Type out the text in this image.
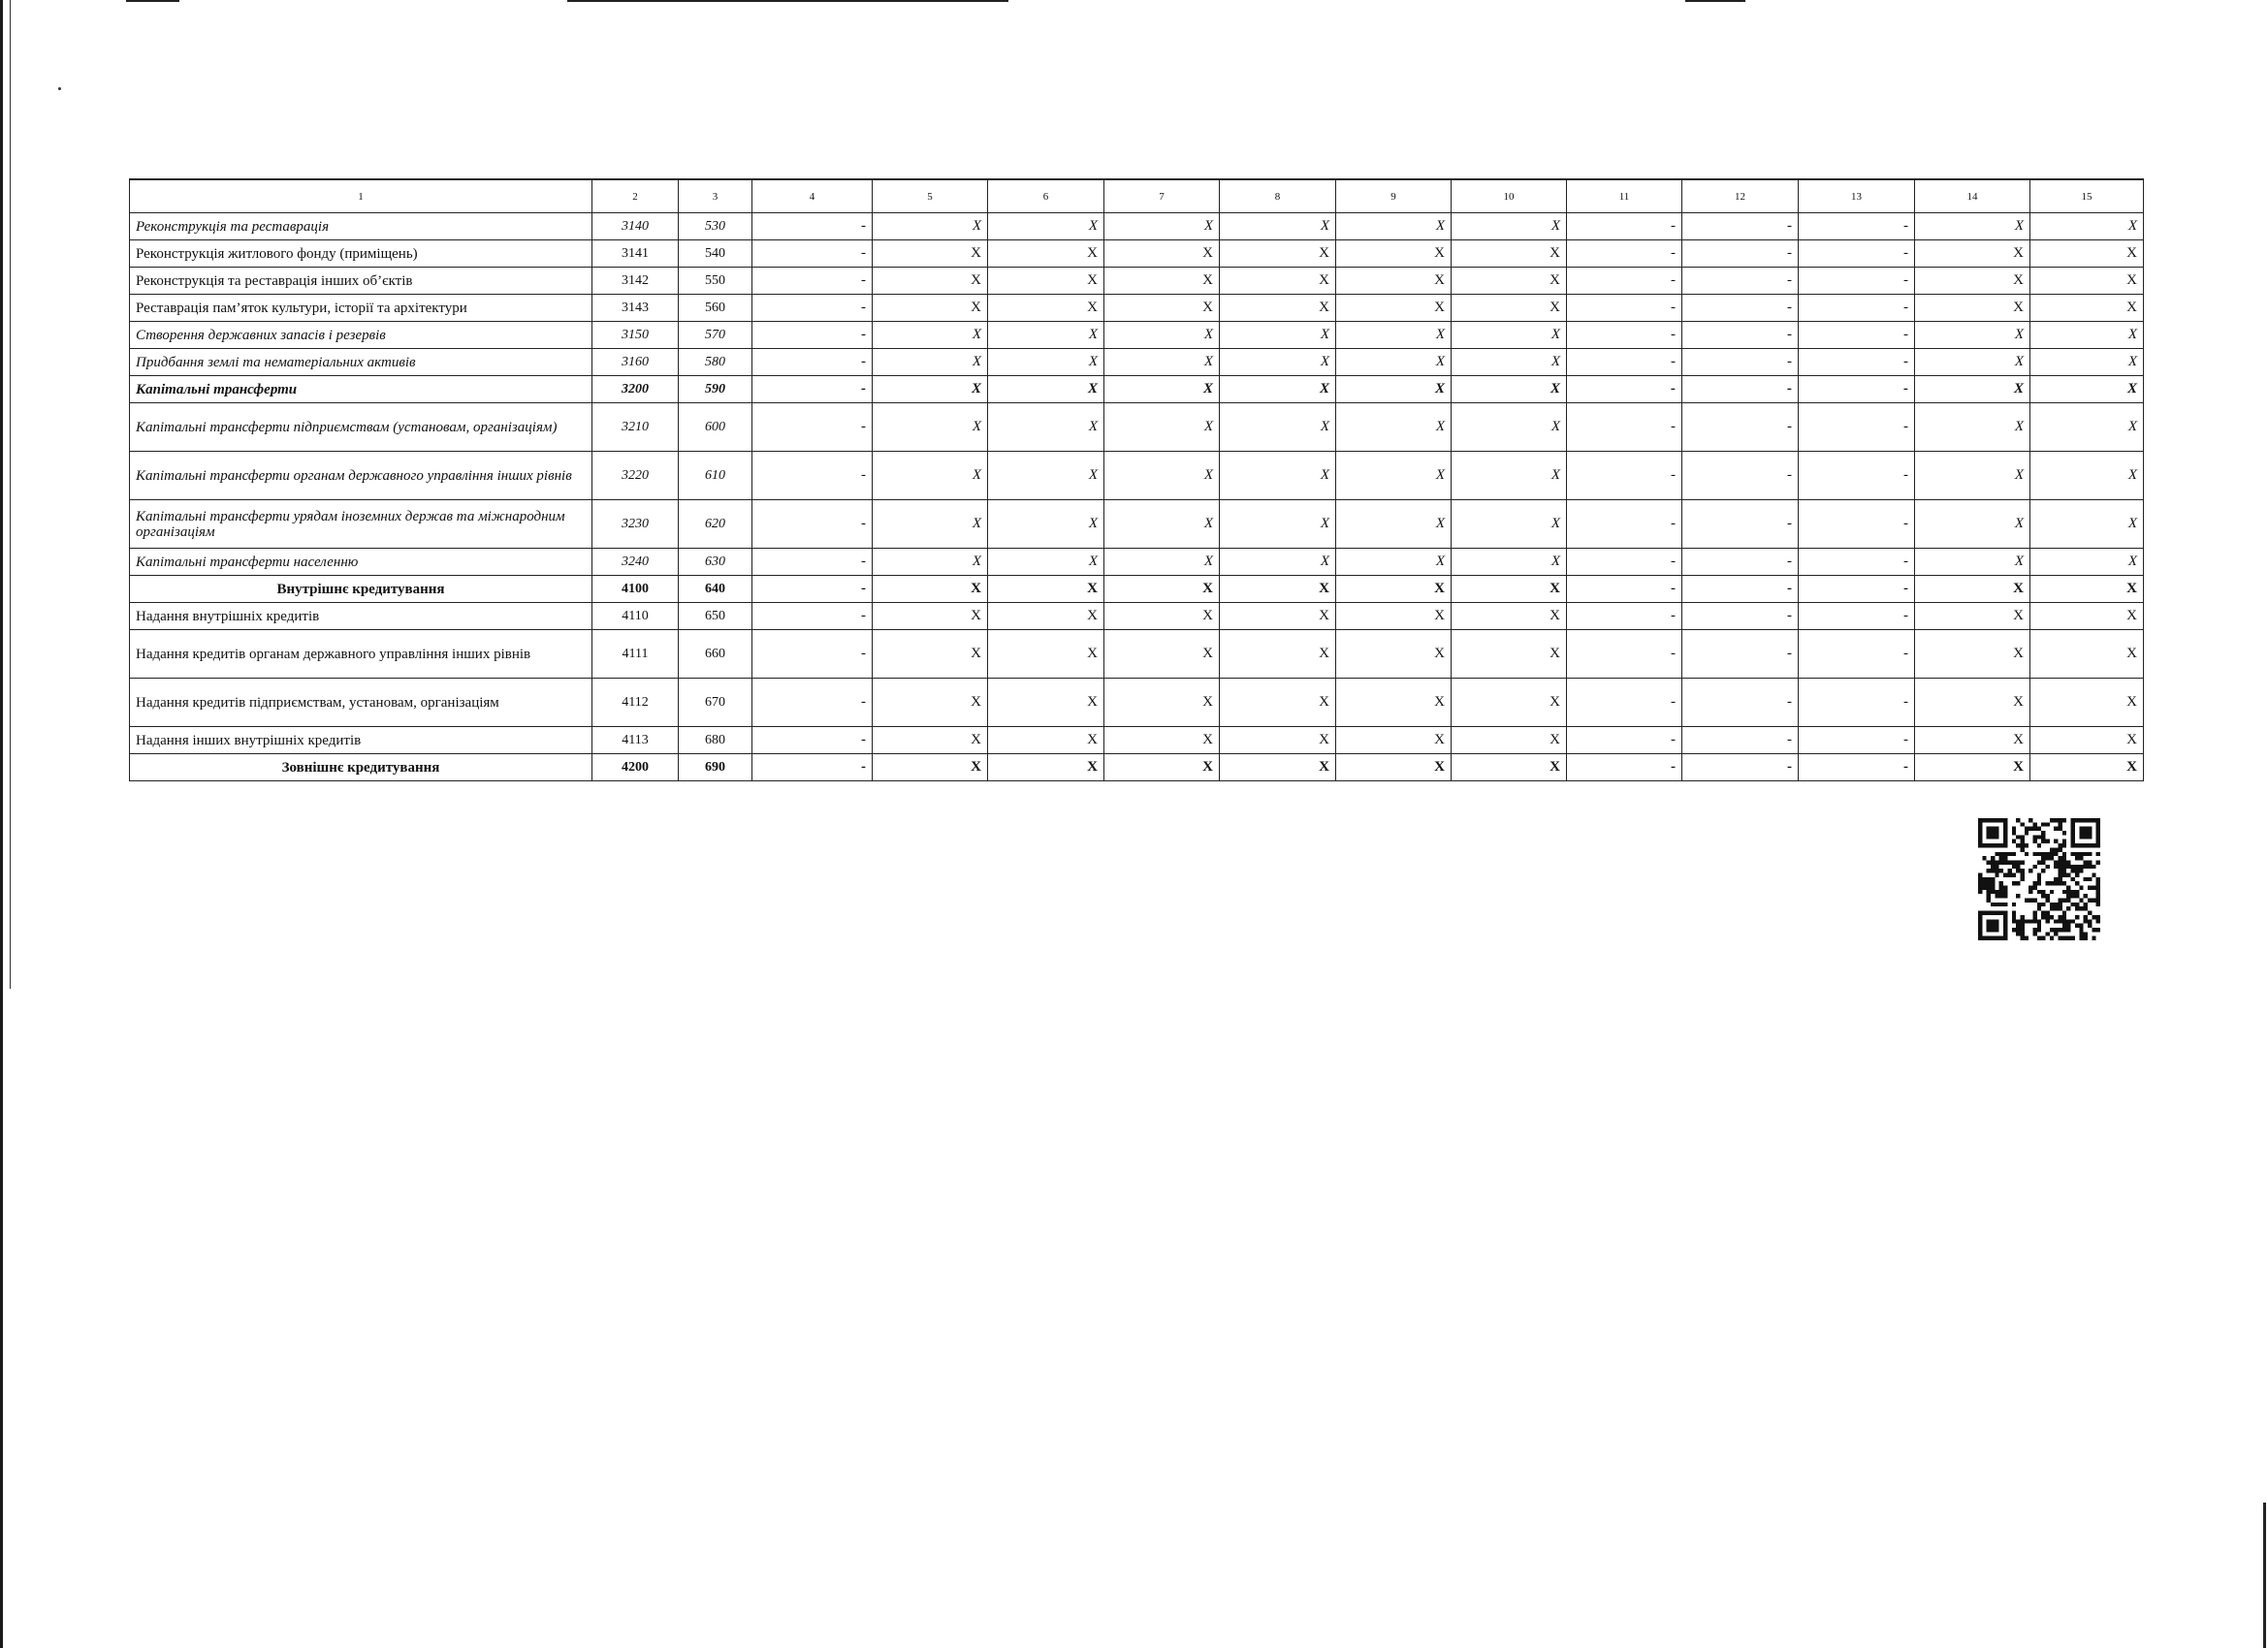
1	2	3	4	5	6	7	8	9	10	11	12	13	14	15
Реконструкція та реставрація	3140	530	-	X	X	X	X	X	X	-	-	-	X	X
Реконструкція житлового фонду (приміщень)	3141	540	-	X	X	X	X	X	X	-	-	-	X	X
Реконструкція та реставрація інших об’єктів	3142	550	-	X	X	X	X	X	X	-	-	-	X	X
Реставрація пам’яток культури, історії та архітектури	3143	560	-	X	X	X	X	X	X	-	-	-	X	X
Створення державних запасів і резервів	3150	570	-	X	X	X	X	X	X	-	-	-	X	X
Придбання землі та нематеріальних активів	3160	580	-	X	X	X	X	X	X	-	-	-	X	X
Капітальні трансферти	3200	590	-	X	X	X	X	X	X	-	-	-	X	X
Капітальні трансферти підприємствам (установам, організаціям)	3210	600	-	X	X	X	X	X	X	-	-	-	X	X
Капітальні трансферти органам державного управління інших рівнів	3220	610	-	X	X	X	X	X	X	-	-	-	X	X
Капітальні трансферти урядам іноземних держав та міжнародним організаціям	3230	620	-	X	X	X	X	X	X	-	-	-	X	X
Капітальні трансферти населенню	3240	630	-	X	X	X	X	X	X	-	-	-	X	X
Внутрішнє кредитування	4100	640	-	X	X	X	X	X	X	-	-	-	X	X
Надання внутрішніх кредитів	4110	650	-	X	X	X	X	X	X	-	-	-	X	X
Надання кредитів органам державного управління інших рівнів	4111	660	-	X	X	X	X	X	X	-	-	-	X	X
Надання кредитів підприємствам, установам, організаціям	4112	670	-	X	X	X	X	X	X	-	-	-	X	X
Надання інших внутрішніх кредитів	4113	680	-	X	X	X	X	X	X	-	-	-	X	X
Зовнішнє кредитування	4200	690	-	X	X	X	X	X	X	-	-	-	X	X
